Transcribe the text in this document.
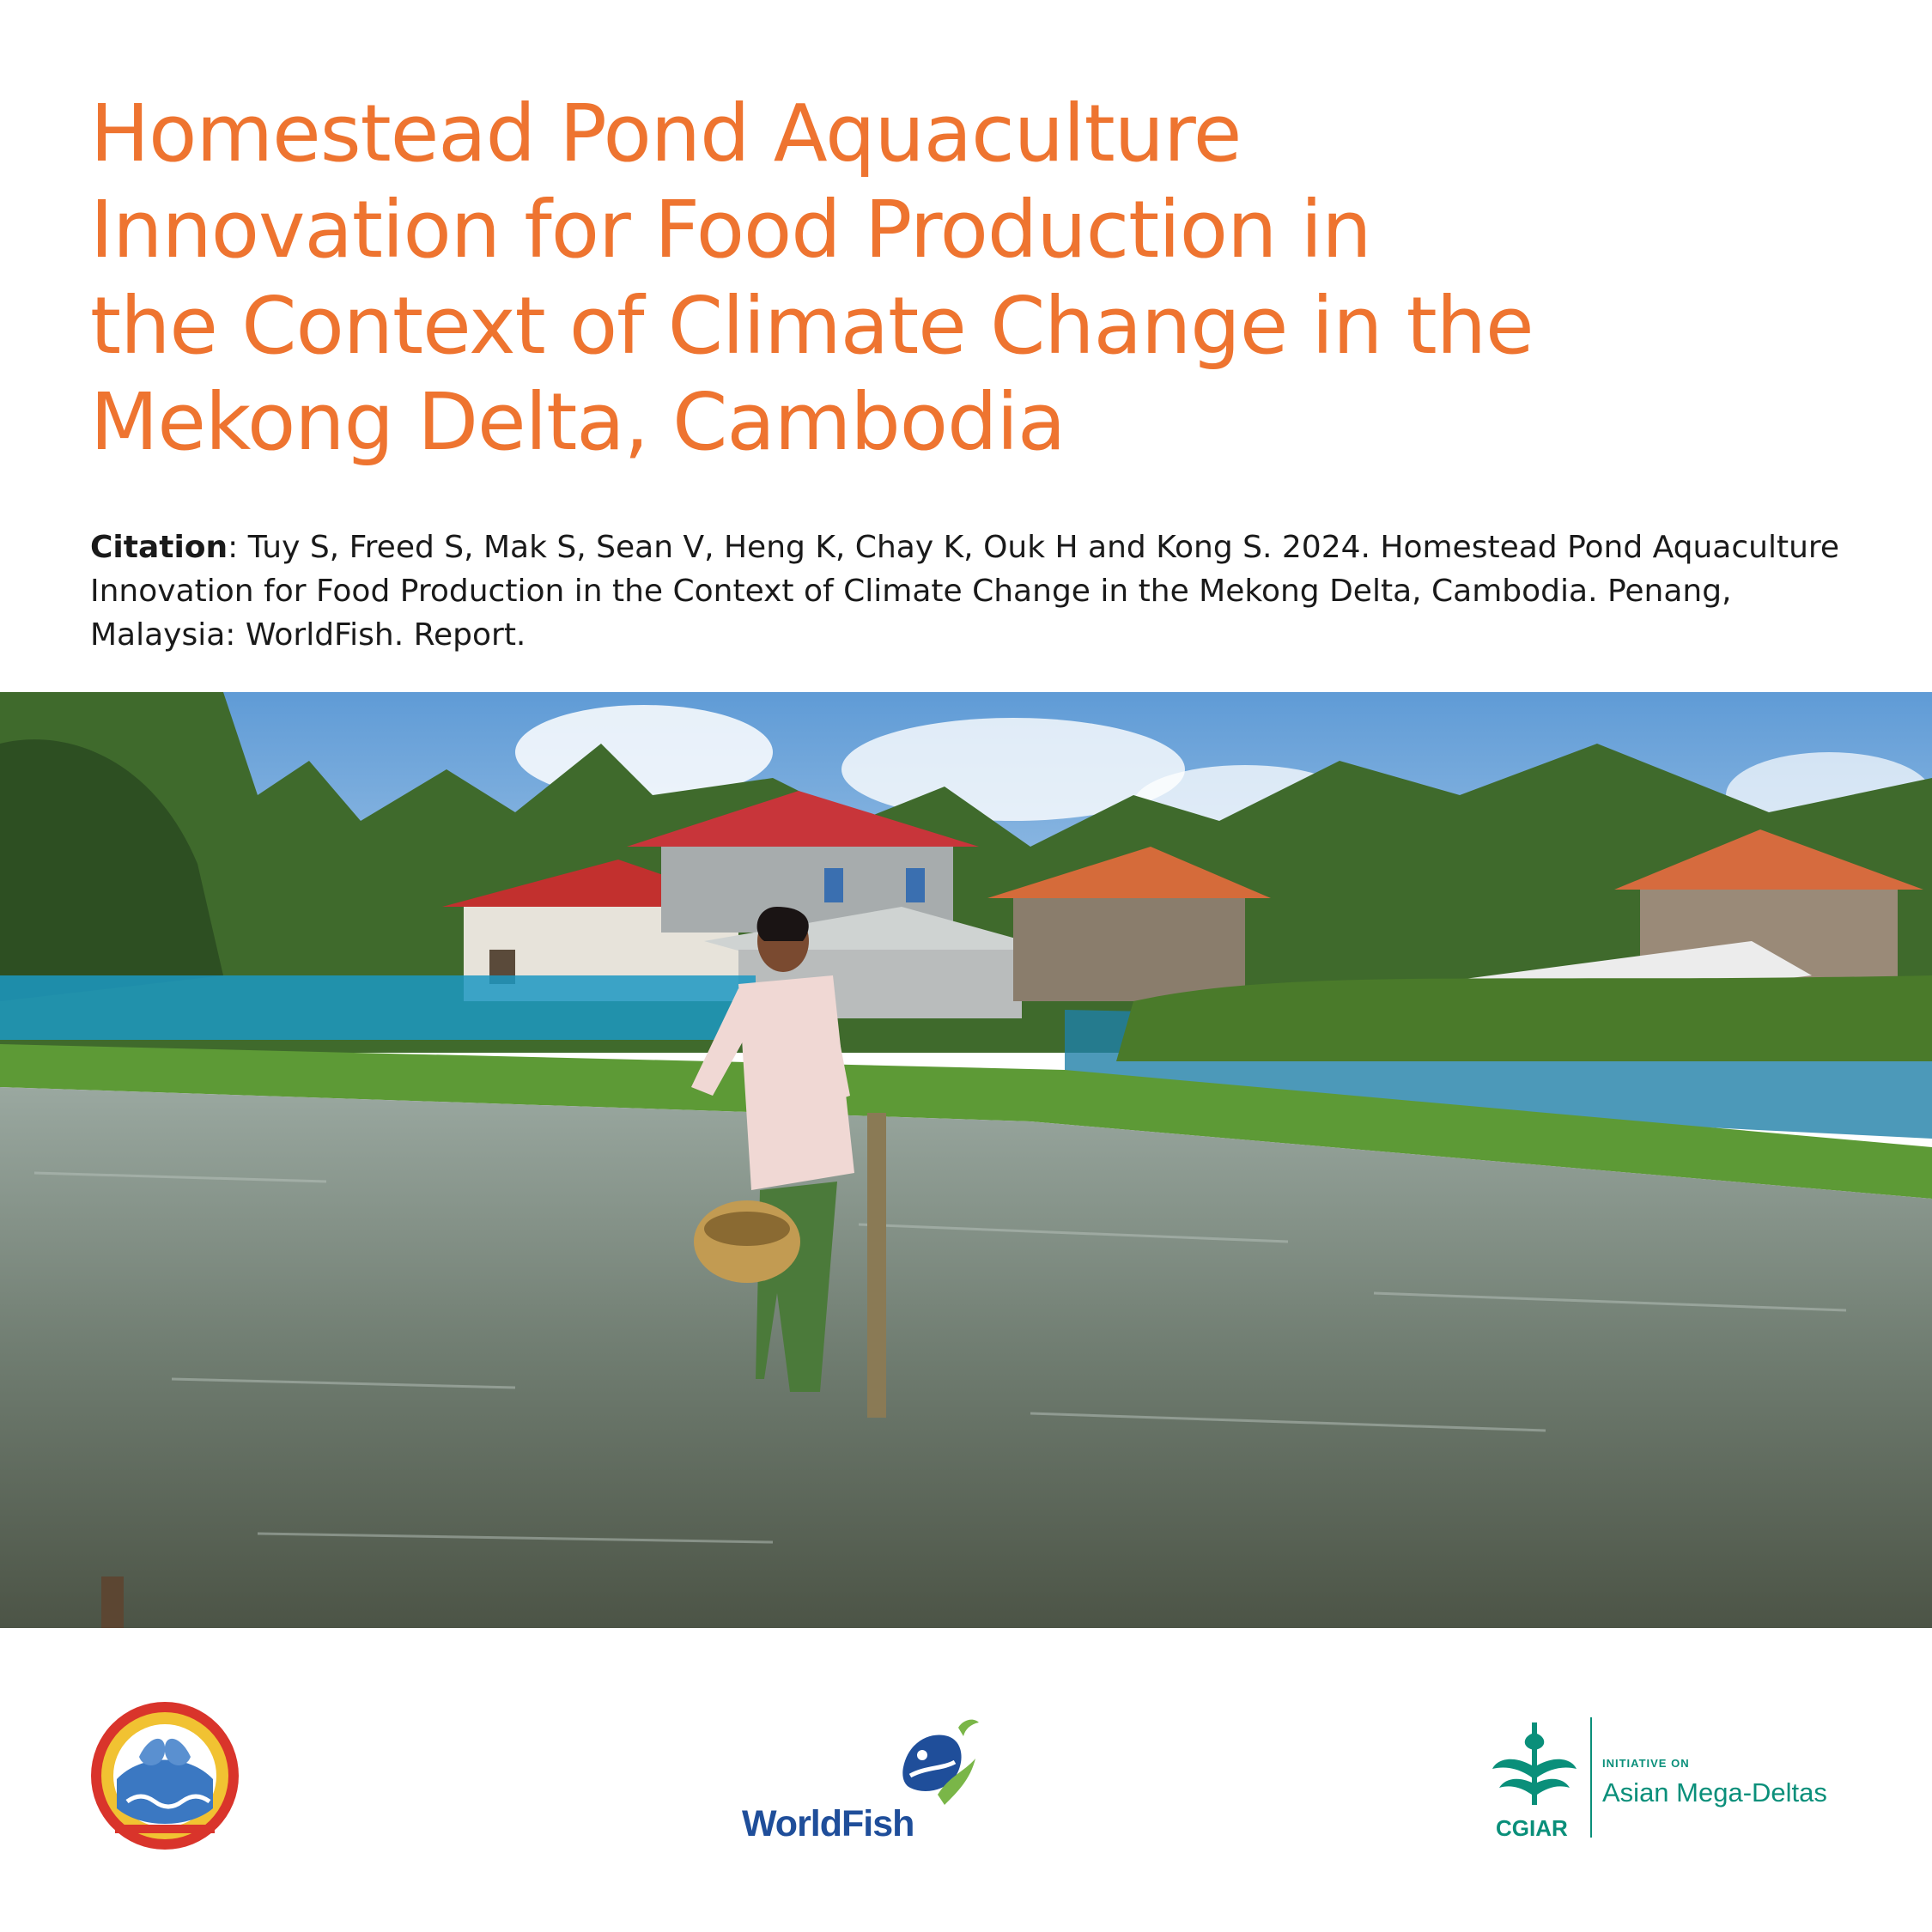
Homestead Pond Aquaculture
Innovation for Food Production in
the Context of Climate Change in the
Mekong Delta, Cambodia

Citation: Tuy S, Freed S, Mak S, Sean V, Heng K, Chay K, Ouk H and Kong S. 2024. Homestead Pond Aquaculture Innovation for Food Production in the Context of Climate Change in the Mekong Delta, Cambodia. Penang, Malaysia: WorldFish. Report.

WorldFish	CGIAR
INITIATIVE ON
Asian Mega-Deltas
